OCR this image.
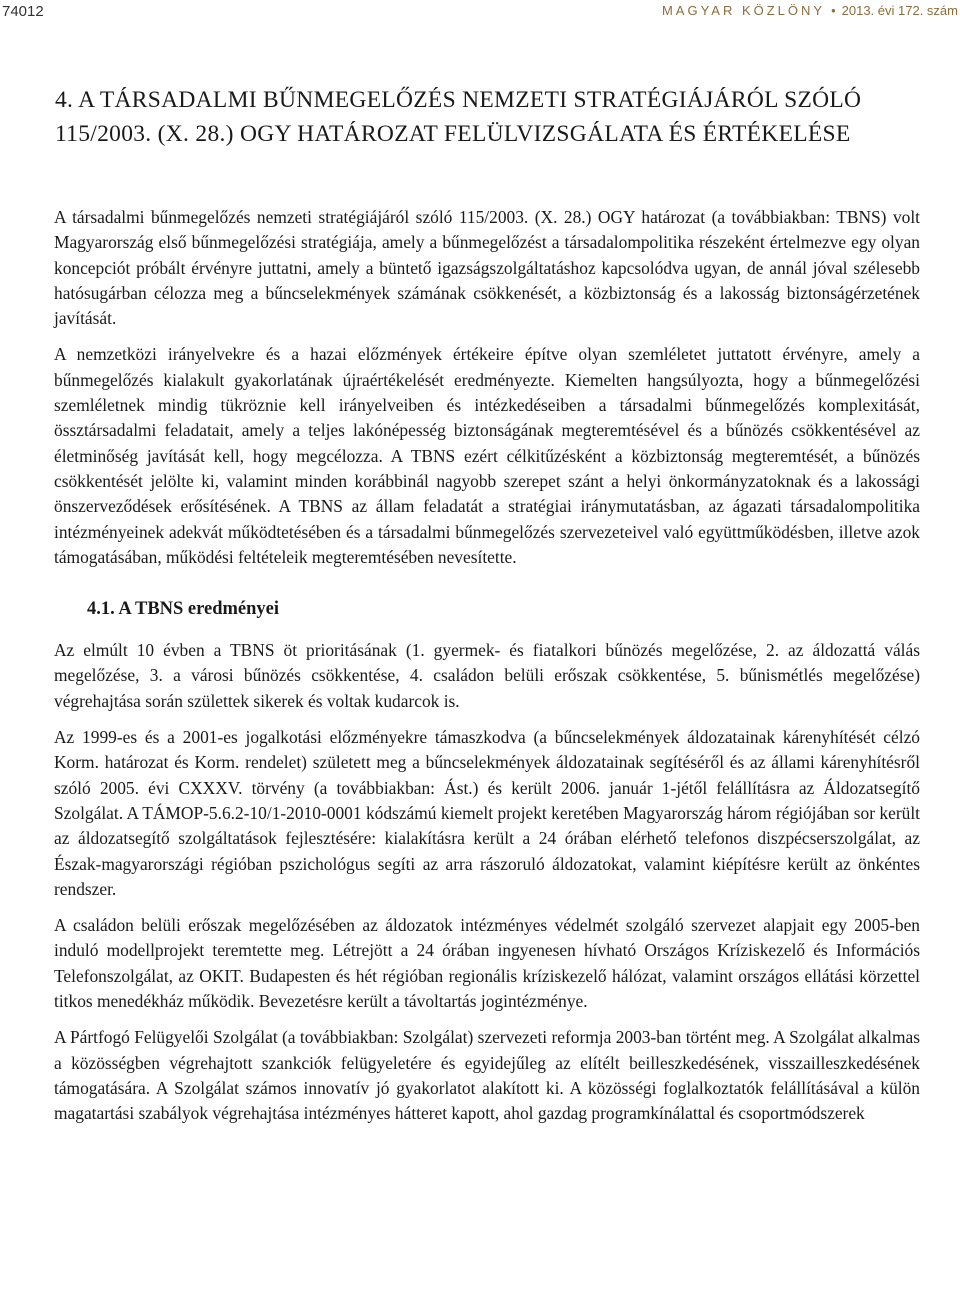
74012	MAGYAR KÖZLÖNY • 2013. évi 172. szám
4. A TÁRSADALMI BŰNMEGELŐZÉS NEMZETI STRATÉGIÁJÁRÓL SZÓLÓ 115/2003. (X. 28.) OGY HATÁROZAT FELÜLVIZSGÁLATA ÉS ÉRTÉKELÉSE

A társadalmi bűnmegelőzés nemzeti stratégiájáról szóló 115/2003. (X. 28.) OGY határozat (a továbbiakban: TBNS) volt Magyarország első bűnmegelőzési stratégiája, amely a bűnmegelőzést a társadalompolitika részeként értelmezve egy olyan koncepciót próbált érvényre juttatni, amely a büntető igazságszolgáltatáshoz kapcsolódva ugyan, de annál jóval szélesebb hatósugárban célozza meg a bűncselekmények számának csökkenését, a közbiztonság és a lakosság biztonságérzetének javítását.

A nemzetközi irányelvekre és a hazai előzmények értékeire építve olyan szemléletet juttatott érvényre, amely a bűnmegelőzés kialakult gyakorlatának újraértékelését eredményezte. Kiemelten hangsúlyozta, hogy a bűnmegelőzési szemléletnek mindig tükröznie kell irányelveiben és intézkedéseiben a társadalmi bűnmegelőzés komplexitását, össztársadalmi feladatait, amely a teljes lakónépesség biztonságának megteremtésével és a bűnözés csökkentésével az életminőség javítását kell, hogy megcélozza. A TBNS ezért célkitűzésként a közbiztonság megteremtését, a bűnözés csökkentését jelölte ki, valamint minden korábbinál nagyobb szerepet szánt a helyi önkormányzatoknak és a lakossági önszerveződések erősítésének. A TBNS az állam feladatát a stratégiai iránymutatásban, az ágazati társadalompolitika intézményeinek adekvát működtetésében és a társadalmi bűnmegelőzés szervezeteivel való együttműködésben, illetve azok támogatásában, működési feltételeik megteremtésében nevesítette.

4.1. A TBNS eredményei

Az elmúlt 10 évben a TBNS öt prioritásának (1. gyermek- és fiatalkori bűnözés megelőzése, 2. az áldozattá válás megelőzése, 3. a városi bűnözés csökkentése, 4. családon belüli erőszak csökkentése, 5. bűnismétlés megelőzése) végrehajtása során születtek sikerek és voltak kudarcok is.

Az 1999-es és a 2001-es jogalkotási előzményekre támaszkodva (a bűncselekmények áldozatainak kárenyhítését célzó Korm. határozat és Korm. rendelet) született meg a bűncselekmények áldozatainak segítéséről és az állami kárenyhítésről szóló 2005. évi CXXXV. törvény (a továbbiakban: Ást.) és került 2006. január 1-jétől felállításra az Áldozatsegítő Szolgálat. A TÁMOP-5.6.2-10/1-2010-0001 kódszámú kiemelt projekt keretében Magyarország három régiójában sor került az áldozatsegítő szolgáltatások fejlesztésére: kialakításra került a 24 órában elérhető telefonos diszpécserszolgálat, az Észak-magyarországi régióban pszichológus segíti az arra rászoruló áldozatokat, valamint kiépítésre került az önkéntes rendszer.

A családon belüli erőszak megelőzésében az áldozatok intézményes védelmét szolgáló szervezet alapjait egy 2005-ben induló modellprojekt teremtette meg. Létrejött a 24 órában ingyenesen hívható Országos Kríziskezelő és Információs Telefonszolgálat, az OKIT. Budapesten és hét régióban regionális kríziskezelő hálózat, valamint országos ellátási körzettel titkos menedékház működik. Bevezetésre került a távoltartás jogintézménye.

A Pártfogó Felügyelői Szolgálat (a továbbiakban: Szolgálat) szervezeti reformja 2003-ban történt meg. A Szolgálat alkalmas a közösségben végrehajtott szankciók felügyeletére és egyidejűleg az elítélt beilleszkedésének, visszailleszkedésének támogatására. A Szolgálat számos innovatív jó gyakorlatot alakított ki. A közösségi foglalkoztatók felállításával a külön magatartási szabályok végrehajtása intézményes hátteret kapott, ahol gazdag programkínálattal és csoportmódszerek
